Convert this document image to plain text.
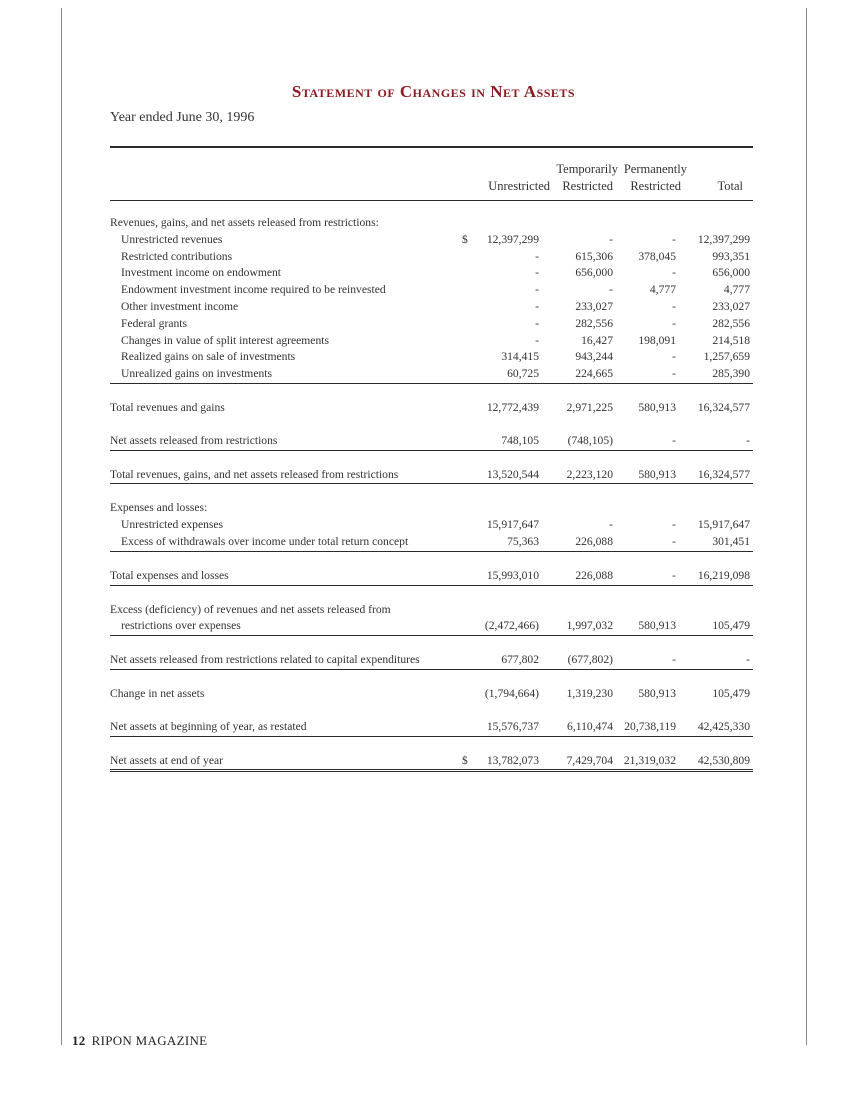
Statement of Changes in Net Assets
Year ended June 30, 1996
Temporarily Permanently
Unrestricted Restricted Restricted	Total
Revenues, gains, and net assets released from restrictions:
Unrestricted revenues	$ 12,397,299	-	- 12,397,299
Restricted contributions	-	615,306 378,045	993,351
Investment income on endowment	-	656,000	-	656,000
Endowment investment income required to be reinvested	-	-	4,777	4,777
Other investment income	-	233,027	-	233,027
Federal grants	-	282,556	-	282,556
Changes in value of split interest agreements	-	16,427 198,091	214,518
Realized gains on sale of investments	314,415	943,244	- 1,257,659
Unrealized gains on investments	60,725	224,665	-	285,390
Total revenues and gains	12,772,439 2,971,225 580,913 16,324,577
Net assets released from restrictions	748,105 (748,105)	-	-
Total revenues, gains, and net assets released from restrictions	13,520,544 2,223,120 580,913 16,324,577
Expenses and losses:
Unrestricted expenses	15,917,647	-	- 15,917,647
Excess of withdrawals over income under total return concept	75,363	226,088	-	301,451
Total expenses and losses	15,993,010	226,088	- 16,219,098
Excess (deficiency) of revenues and net assets released from
restrictions over expenses	(2,472,466) 1,997,032 580,913	105,479
Net assets released from restrictions related to capital expenditures	677,802 (677,802)	-	-
Change in net assets	(1,794,664) 1,319,230 580,913	105,479
Net assets at beginning of year, as restated	15,576,737 6,110,474 20,738,119 42,425,330
Net assets at end of year	$ 13,782,073 7,429,704 21,319,032 42,530,809
12 RIPON MAGAZINE
